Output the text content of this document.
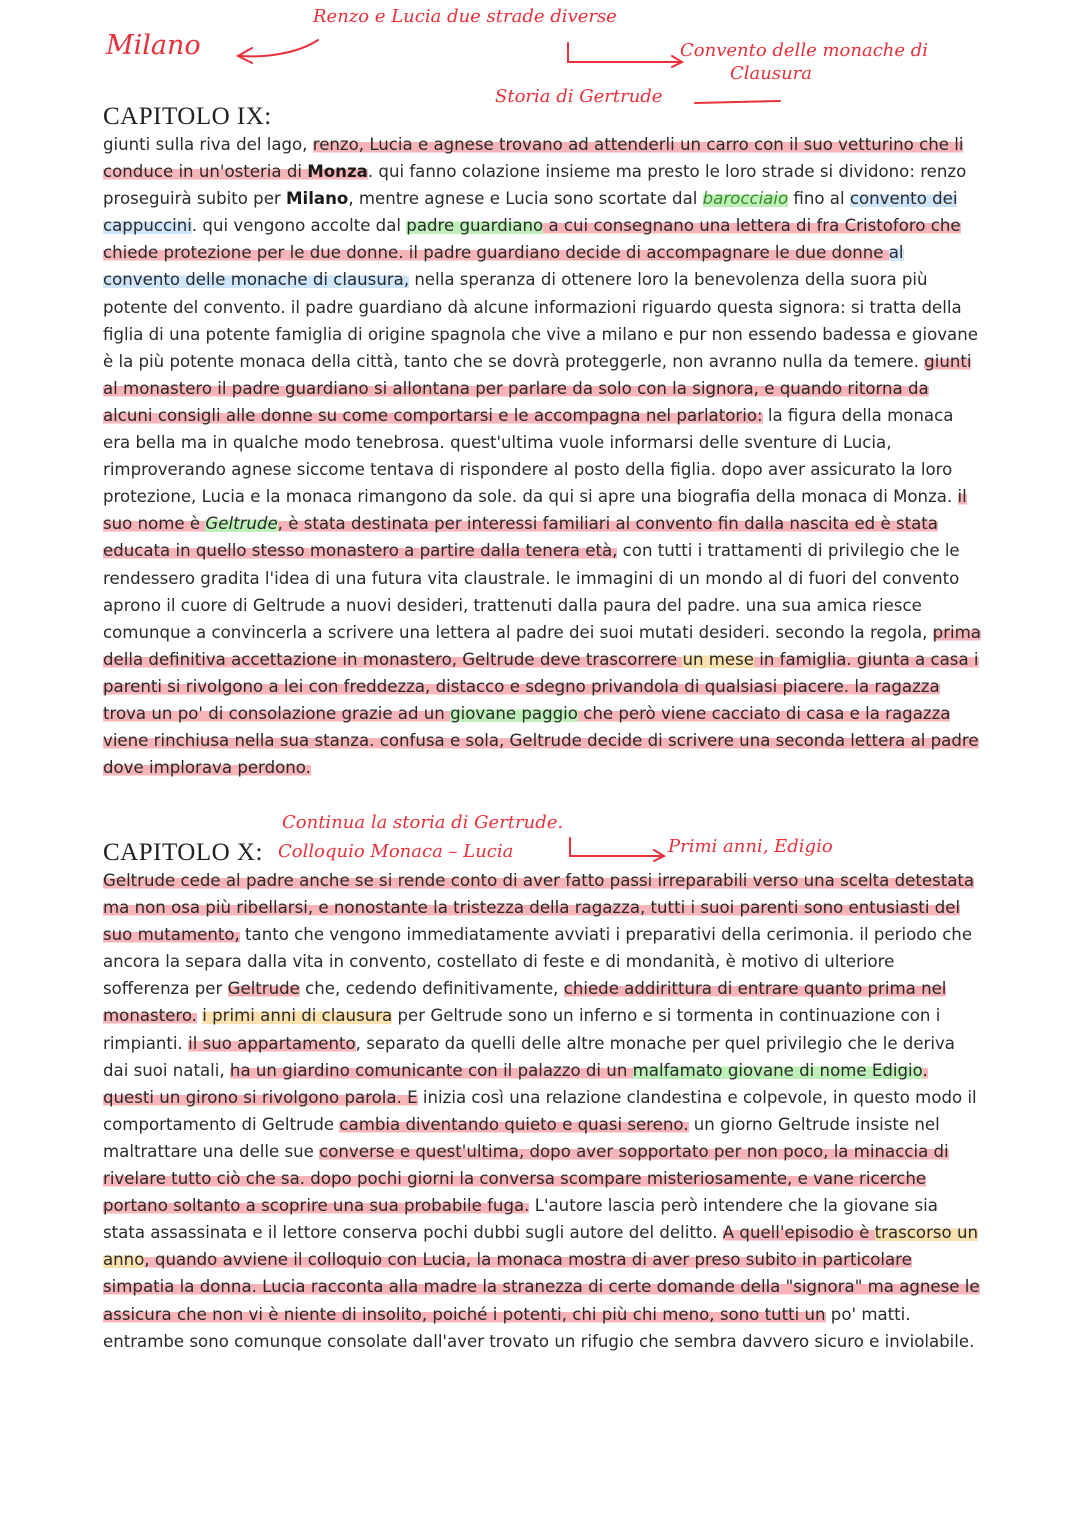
Milano
Renzo e Lucia due strade diverse
Convento delle monache di
Clausura
Storia di Gertrude
CAPITOLO IX:

giunti sulla riva del lago, renzo, Lucia e agnese trovano ad attenderli un carro con il suo vetturino che li conduce in un'osteria di Monza. qui fanno colazione insieme ma presto le loro strade si dividono: renzo proseguirà subito per Milano, mentre agnese e Lucia sono scortate dal barocciaio fino al convento dei cappuccini. qui vengono accolte dal padre guardiano a cui consegnano una lettera di fra Cristoforo che chiede protezione per le due donne. il padre guardiano decide di accompagnare le due donne al convento delle monache di clausura, nella speranza di ottenere loro la benevolenza della suora più potente del convento. il padre guardiano dà alcune informazioni riguardo questa signora: si tratta della figlia di una potente famiglia di origine spagnola che vive a milano e pur non essendo badessa e giovane è la più potente monaca della città, tanto che se dovrà proteggerle, non avranno nulla da temere. giunti al monastero il padre guardiano si allontana per parlare da solo con la signora, e quando ritorna da alcuni consigli alle donne su come comportarsi e le accompagna nel parlatorio: la figura della monaca era bella ma in qualche modo tenebrosa. quest'ultima vuole informarsi delle sventure di Lucia, rimproverando agnese siccome tentava di rispondere al posto della figlia. dopo aver assicurato la loro protezione, Lucia e la monaca rimangono da sole. da qui si apre una biografia della monaca di Monza. il suo nome è Geltrude, è stata destinata per interessi familiari al convento fin dalla nascita ed è stata educata in quello stesso monastero a partire dalla tenera età, con tutti i trattamenti di privilegio che le rendessero gradita l'idea di una futura vita claustrale. le immagini di un mondo al di fuori del convento aprono il cuore di Geltrude a nuovi desideri, trattenuti dalla paura del padre. una sua amica riesce comunque a convincerla a scrivere una lettera al padre dei suoi mutati desideri. secondo la regola, prima della definitiva accettazione in monastero, Geltrude deve trascorrere un mese in famiglia. giunta a casa i parenti si rivolgono a lei con freddezza, distacco e sdegno privandola di qualsiasi piacere. la ragazza trova un po' di consolazione grazie ad un giovane paggio che però viene cacciato di casa e la ragazza viene rinchiusa nella sua stanza. confusa e sola, Geltrude decide di scrivere una seconda lettera al padre dove implorava perdono.

Continua la storia di Gertrude.
CAPITOLO X: Colloquio Monaca – Lucia	Primi anni, Edigio

Geltrude cede al padre anche se si rende conto di aver fatto passi irreparabili verso una scelta detestata ma non osa più ribellarsi, e nonostante la tristezza della ragazza, tutti i suoi parenti sono entusiasti del suo mutamento, tanto che vengono immediatamente avviati i preparativi della cerimonia. il periodo che ancora la separa dalla vita in convento, costellato di feste e di mondanità, è motivo di ulteriore sofferenza per Geltrude che, cedendo definitivamente, chiede addirittura di entrare quanto prima nel monastero. i primi anni di clausura per Geltrude sono un inferno e si tormenta in continuazione con i rimpianti. il suo appartamento, separato da quelli delle altre monache per quel privilegio che le deriva dai suoi natali, ha un giardino comunicante con il palazzo di un malfamato giovane di nome Edigio. questi un girono si rivolgono parola. E inizia così una relazione clandestina e colpevole, in questo modo il comportamento di Geltrude cambia diventando quieto e quasi sereno. un giorno Geltrude insiste nel maltrattare una delle sue converse e quest'ultima, dopo aver sopportato per non poco, la minaccia di rivelare tutto ciò che sa. dopo pochi giorni la conversa scompare misteriosamente, e vane ricerche portano soltanto a scoprire una sua probabile fuga. L'autore lascia però intendere che la giovane sia stata assassinata e il lettore conserva pochi dubbi sugli autore del delitto. A quell'episodio è trascorso un anno, quando avviene il colloquio con Lucia, la monaca mostra di aver preso subito in particolare simpatia la donna. Lucia racconta alla madre la stranezza di certe domande della "signora" ma agnese le assicura che non vi è niente di insolito, poiché i potenti, chi più chi meno, sono tutti un po' matti. entrambe sono comunque consolate dall'aver trovato un rifugio che sembra davvero sicuro e inviolabile.
